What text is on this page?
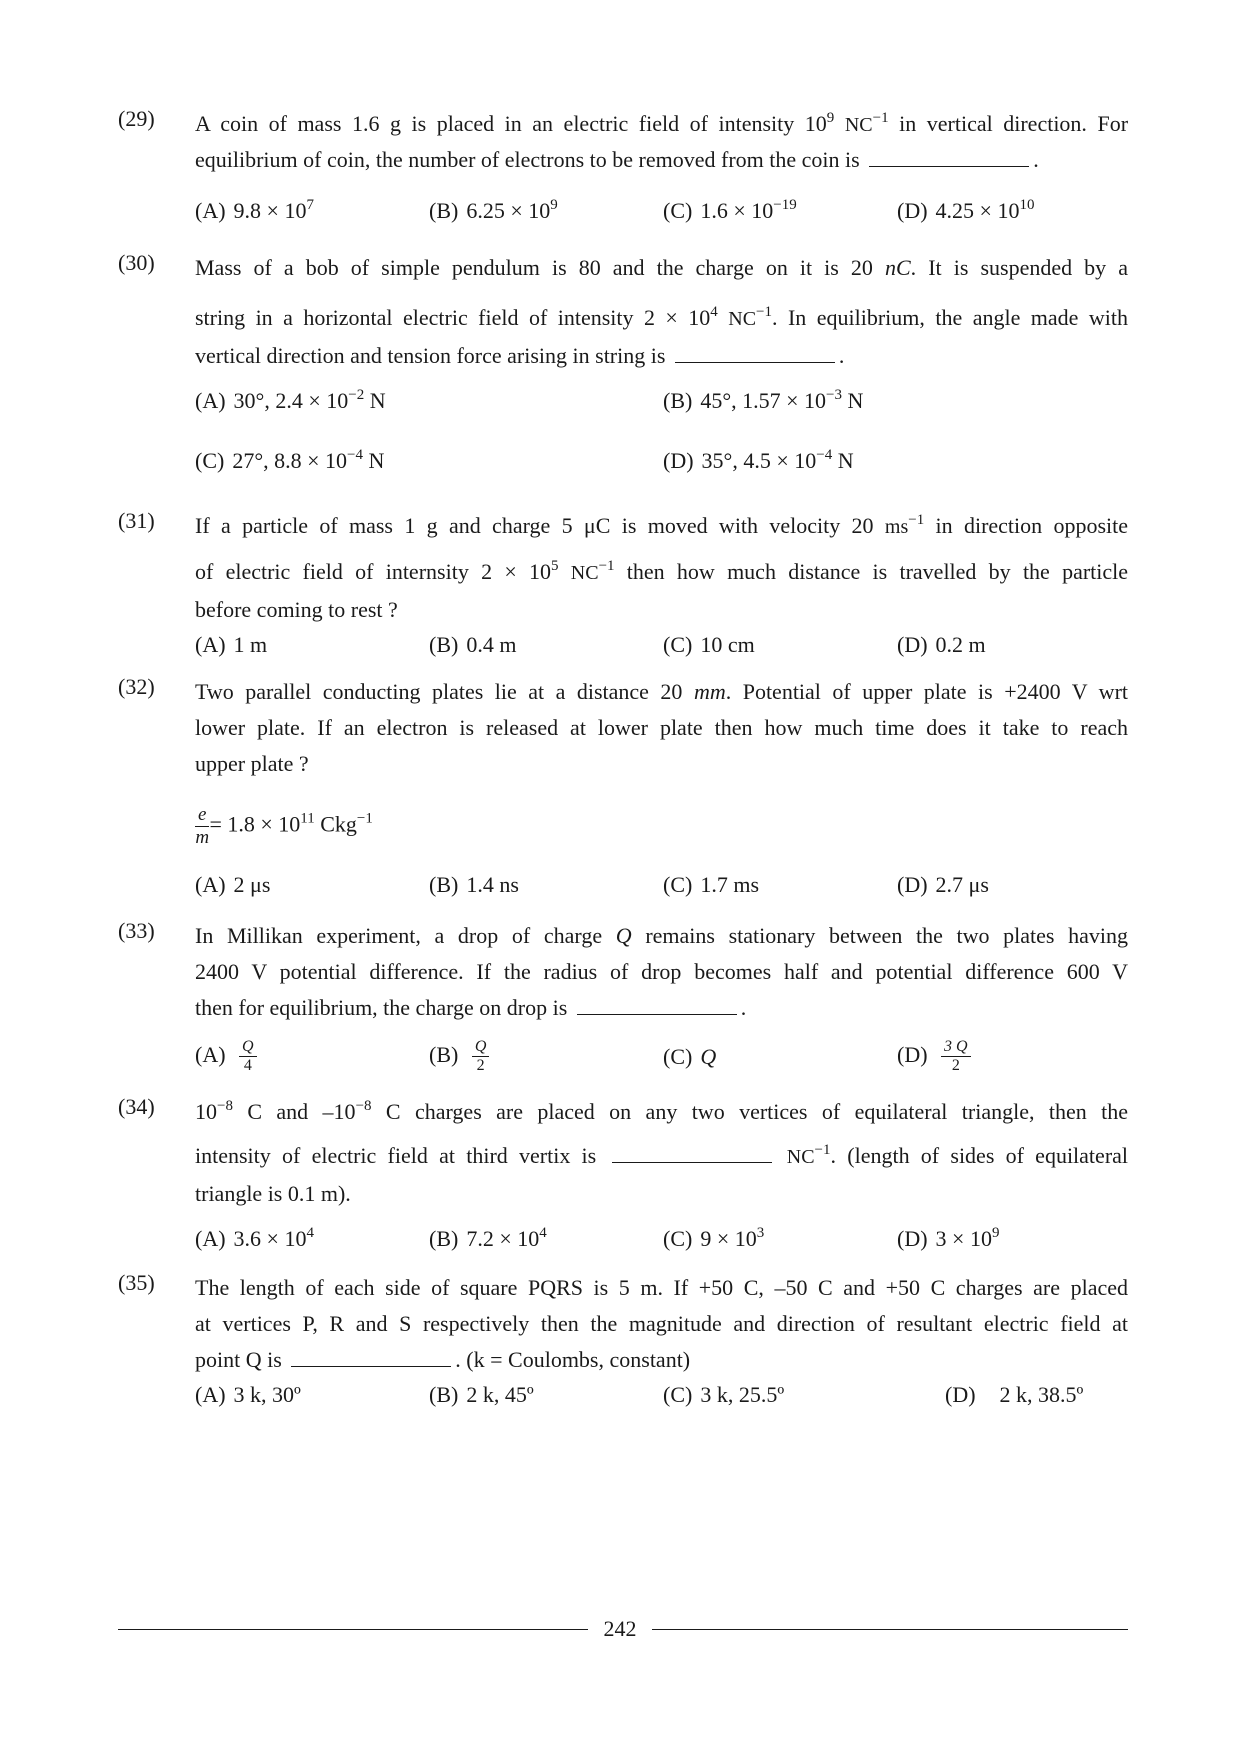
(29)	A coin of mass 1.6 g is placed in an electric field of intensity $10^9$ $NC^{-1}$ in vertical direction. For
equilibrium of coin, the number of electrons to be removed from the coin is	.
(A) $9.8 \times 10^7$	(B) $6.25 \times 10^9$	(C) $1.6 \times 10^{-19}$	(D) $4.25 \times 10^{10}$
(30)	Mass of a bob of simple pendulum is 80 and the charge on it is 20 nC. It is suspended by a
string in a horizontal electric field of intensity $2 \times 10^4$ $NC^{-1}$. In equilibrium, the angle made with
vertical direction and tension force arising in string is	.
(A) 30°, $2.4 \times 10^{-2}$ N	(B) 45°, $1.57 \times 10^{-3}$ N
(C) 27°, $8.8 \times 10^{-4}$ N	(D) 35°, $4.5 \times 10^{-4}$ N
(31)	If a particle of mass 1 g and charge 5 μC is moved with velocity 20 $ms^{-1}$ in direction opposite
of electric field of internsity $2 \times 10^5$ $NC^{-1}$ then how much distance is travelled by the particle
before coming to rest ?
(A) 1 m	(B) 0.4 m	(C) 10 cm	(D) 0.2 m
(32)	Two parallel conducting plates lie at a distance 20 mm. Potential of upper plate is +2400 V wrt
lower plate. If an electron is released at lower plate then how much time does it take to reach
upper plate ?
$\frac{e}{m} = 1.8 \times 10^{11}$ Ckg$^{-1}$
(A) 2 μs	(B) 1.4 ns	(C) 1.7 ms	(D) 2.7 μs
(33)	In Millikan experiment, a drop of charge Q remains stationary between the two plates having
2400 V potential difference. If the radius of drop becomes half and potential difference 600 V
then for equilibrium, the charge on drop is	.
$(A) \frac{Q}{4}$	$(B) \frac{Q}{2}$	(C) Q	$(D) \frac{3 Q}{2}$
(34)	$10^{-8}$ C and $-10^{-8}$ C charges are placed on any two vertices of equilateral triangle, then the
intensity of electric field at third vertix is	$NC^{-1}$. (length of sides of equilateral
triangle is 0.1 m).
(A) $3.6 \times 10^4$	(B) $7.2 \times 10^4$	(C) $9 \times 10^3$	(D) $3 \times 10^9$
(35)	The length of each side of square PQRS is 5 m. If +50 C, –50 C and +50 C charges are placed
at vertices P, R and S respectively then the magnitude and direction of resultant electric field at
point Q is	. (k = Coulombs, constant)
(A) 3 k, 30º	(B) 2 k, 45º	(C) 3 k, 25.5º	(D) 2 k, 38.5º
242
